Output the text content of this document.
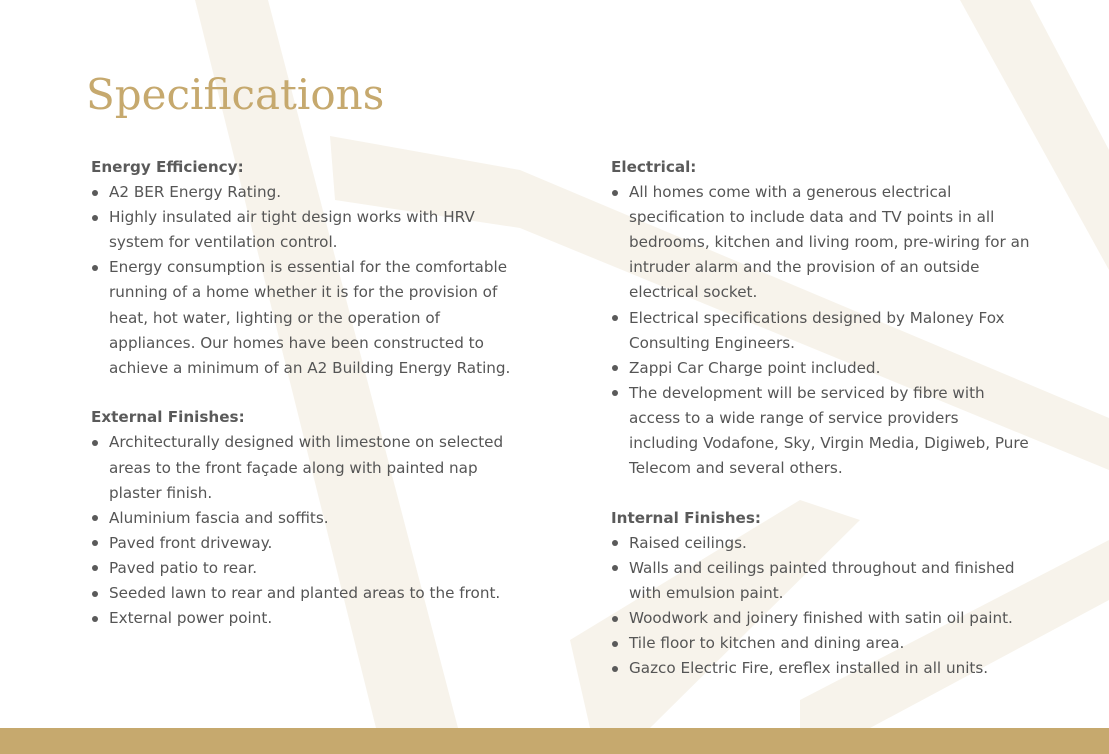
Specifications

Energy Efficiency:

A2 BER Energy Rating.
Highly insulated air tight design works with HRV system for ventilation control.
Energy consumption is essential for the comfortable running of a home whether it is for the provision of heat, hot water, lighting or the operation of appliances. Our homes have been constructed to achieve a minimum of an A2 Building Energy Rating.

External Finishes:

Architecturally designed with limestone on selected areas to the front façade along with painted nap plaster finish.
Aluminium fascia and soffits.
Paved front driveway.
Paved patio to rear.
Seeded lawn to rear and planted areas to the front.
External power point.

Electrical:

All homes come with a generous electrical specification to include data and TV points in all bedrooms, kitchen and living room, pre-wiring for an intruder alarm and the provision of an outside electrical socket.
Electrical specifications designed by Maloney Fox Consulting Engineers.
Zappi Car Charge point included.
The development will be serviced by fibre with access to a wide range of service providers including Vodafone, Sky, Virgin Media, Digiweb, Pure Telecom and several others.

Internal Finishes:

Raised ceilings.
Walls and ceilings painted throughout and finished with emulsion paint.
Woodwork and joinery finished with satin oil paint.
Tile floor to kitchen and dining area.
Gazco Electric Fire, ereflex installed in all units.
